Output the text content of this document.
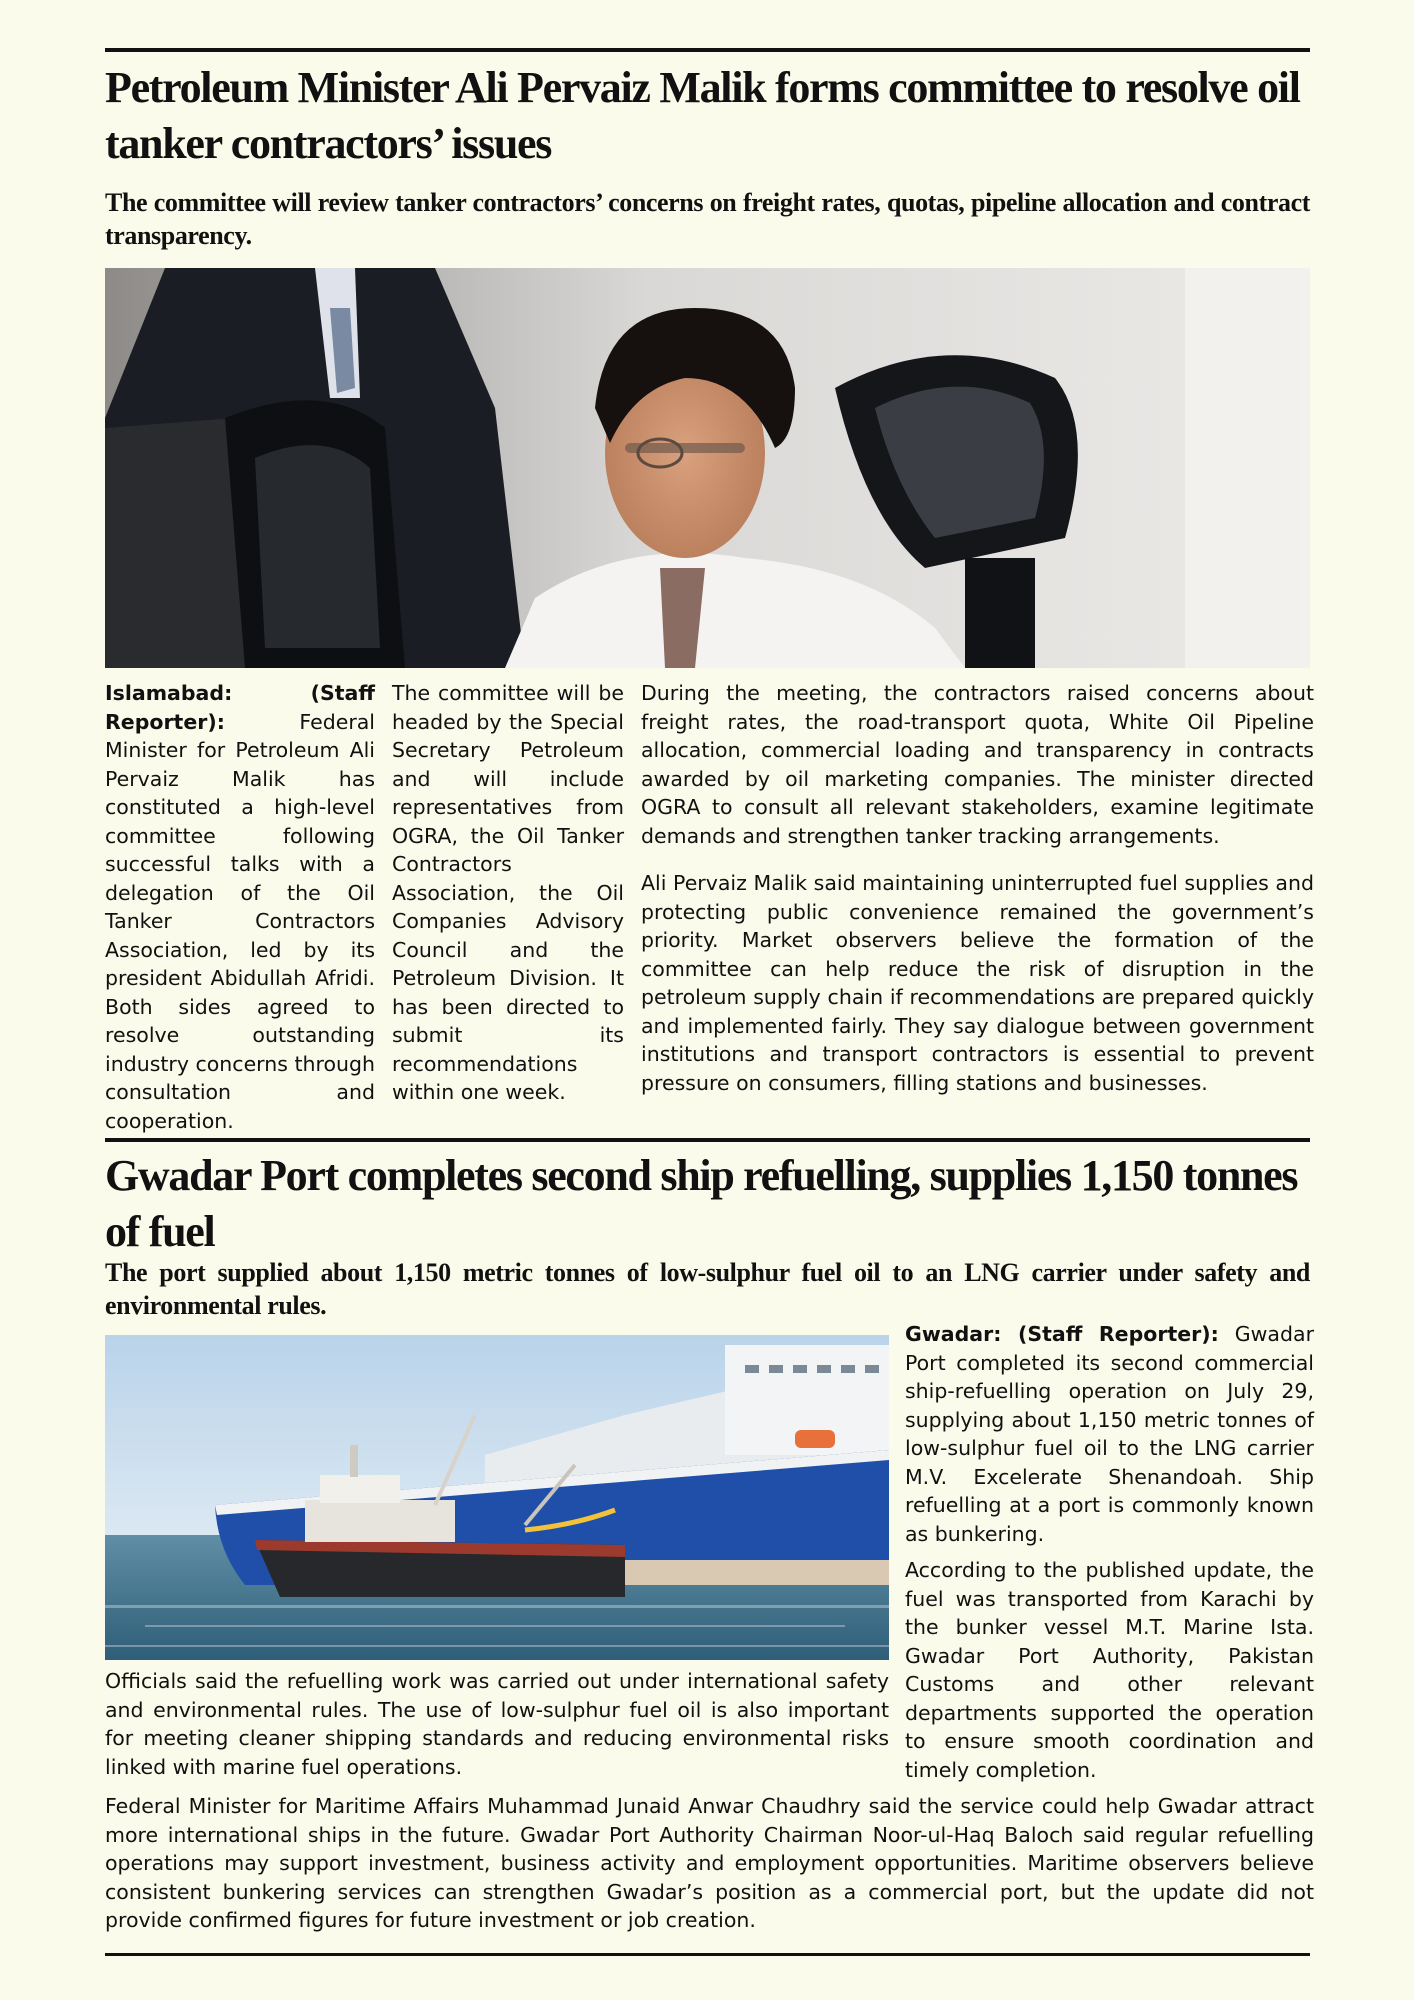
Petroleum Minister Ali Pervaiz Malik forms committee to resolve oil tanker contractors’ issues

The committee will review tanker contractors’ concerns on freight rates, quotas, pipeline allocation and contract transparency.

Islamabad: (Staff Reporter):	Federal Minister for Petroleum Ali Pervaiz Malik has constituted a high-level committee following successful talks with a delegation of the Oil Tanker Contractors Association, led by its president Abidullah Afridi. Both sides agreed to resolve outstanding industry concerns through consultation and cooperation.

The committee will be headed by the Special Secretary Petroleum and will include representatives from OGRA, the Oil Tanker Contractors Association, the Oil Companies Advisory Council and the Petroleum Division. It has been directed to submit its recommendations within one week.

During the meeting, the contractors raised concerns about freight rates, the road-transport quota, White Oil Pipeline allocation, commercial loading and transparency in contracts awarded by oil marketing companies. The minister directed OGRA to consult all relevant stakeholders, examine legitimate demands and strengthen tanker tracking arrangements.

Ali Pervaiz Malik said maintaining uninterrupted fuel supplies and protecting public convenience remained the government’s priority. Market observers believe the formation of the committee can help reduce the risk of disruption in the petroleum supply chain if recommendations are prepared quickly and implemented fairly. They say dialogue between government institutions and transport contractors is essential to prevent pressure on consumers, filling stations and businesses.

Gwadar Port completes second ship refuelling, supplies 1,150 tonnes of fuel

The port supplied about 1,150 metric tonnes of low-sulphur fuel oil to an LNG carrier under safety and environmental rules.

Gwadar: (Staff Reporter): Gwadar Port completed its second commercial ship-refuelling operation on July 29, supplying about 1,150 metric tonnes of low-sulphur fuel oil to the LNG carrier M.V. Excelerate Shenandoah. Ship refuelling at a port is commonly known as bunkering.

According to the published update, the fuel was transported from Karachi by the bunker vessel M.T. Marine Ista. Gwadar Port Authority, Pakistan Customs and other relevant departments supported the operation to ensure smooth coordination and timely completion.

Officials said the refuelling work was carried out under international safety and environmental rules. The use of low-sulphur fuel oil is also important for meeting cleaner shipping standards and reducing environmental risks linked with marine fuel operations.

Federal Minister for Maritime Affairs Muhammad Junaid Anwar Chaudhry said the service could help Gwadar attract more international ships in the future. Gwadar Port Authority Chairman Noor-ul-Haq Baloch said regular refuelling operations may support investment, business activity and employment opportunities. Maritime observers believe consistent bunkering services can strengthen Gwadar’s position as a commercial port, but the update did not provide confirmed figures for future investment or job creation.
